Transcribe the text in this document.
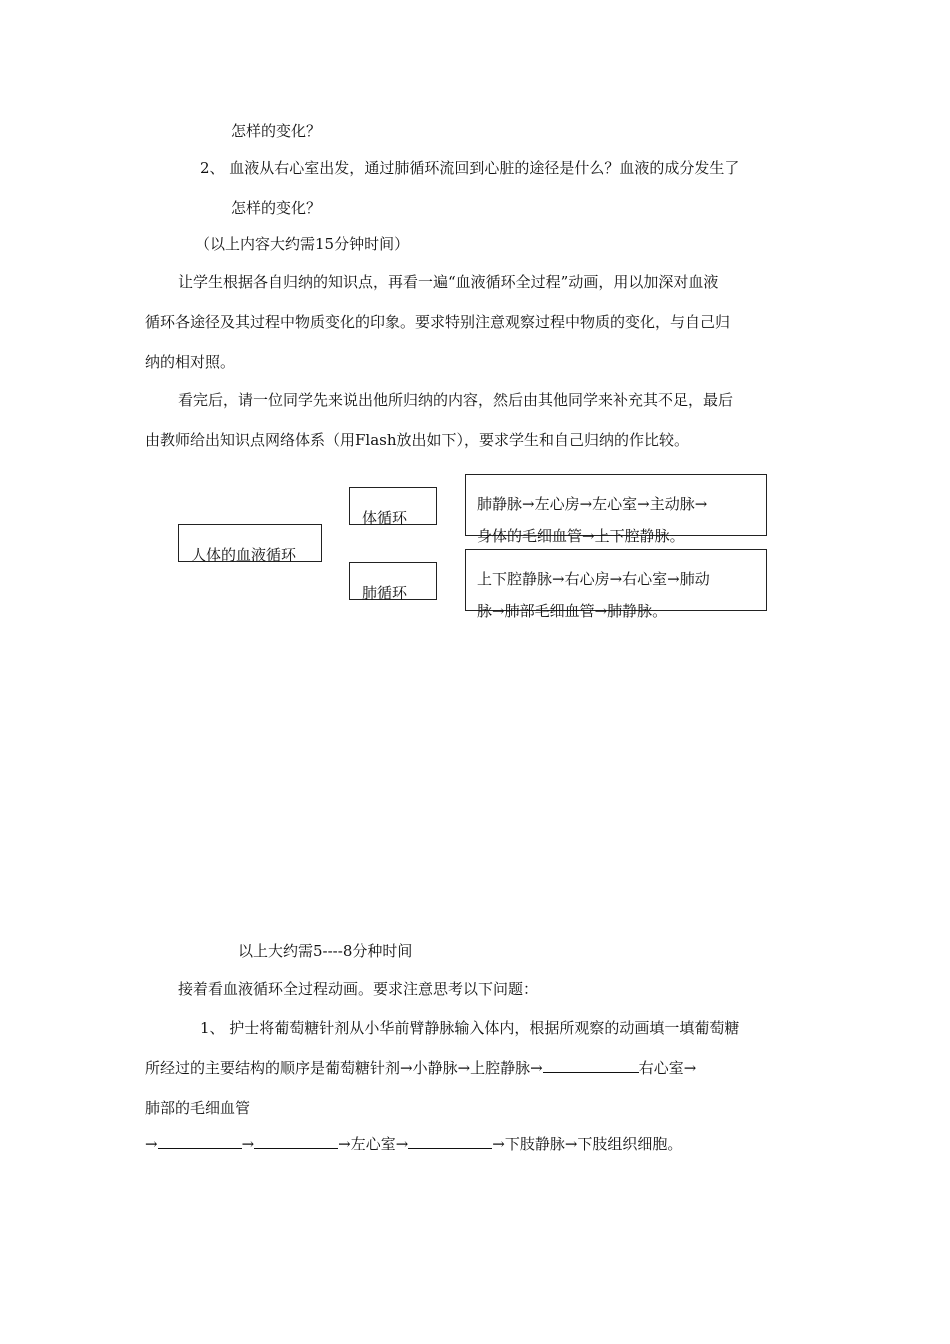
怎样的变化？
2、 血液从右心室出发，通过肺循环流回到心脏的途径是什么？血液的成分发生了
怎样的变化？
（以上内容大约需15分钟时间）
让学生根据各自归纳的知识点，再看一遍“血液循环全过程”动画，用以加深对血液
循环各途径及其过程中物质变化的印象。要求特别注意观察过程中物质的变化，与自己归
纳的相对照。
看完后，请一位同学先来说出他所归纳的内容，然后由其他同学来补充其不足，最后
由教师给出知识点网络体系（用Flash放出如下），要求学生和自己归纳的作比较。
人体的血液循环
体循环
肺循环
肺静脉→左心房→左心室→主动脉→
身体的毛细血管→上下腔静脉。
上下腔静脉→右心房→右心室→肺动
脉→肺部毛细血管→肺静脉。
以上大约需5----8分种时间
接着看血液循环全过程动画。要求注意思考以下问题：
1、 护士将葡萄糖针剂从小华前臂静脉输入体内，根据所观察的动画填一填葡萄糖
所经过的主要结构的顺序是葡萄糖针剂→小静脉→上腔静脉→	右心室→
肺部的毛细血管
→	→	→左心室→	→下肢静脉→下肢组织细胞。
